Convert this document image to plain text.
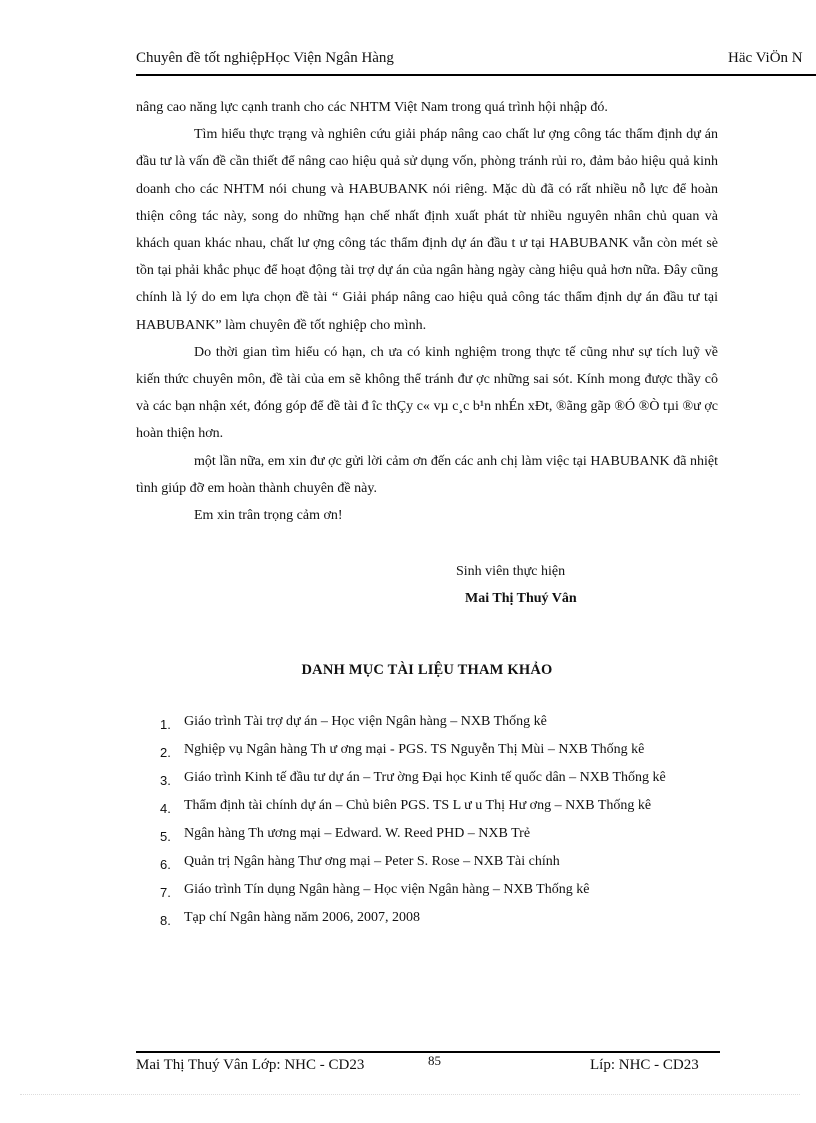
Chuyên đề tốt nghiệpHọc Viện Ngân Hàng	Häc ViÖn N

nâng cao năng lực cạnh tranh cho các NHTM Việt Nam trong quá trình hội nhập đó.

Tìm hiểu thực trạng và nghiên cứu giải pháp nâng cao chất lư ợng công tác thẩm định dự án đầu tư là vấn đề cần thiết để nâng cao hiệu quả sử dụng vốn, phòng tránh rủi ro, đảm bảo hiệu quả kinh doanh cho các NHTM nói chung và HABUBANK nói riêng. Mặc dù đã có rất nhiều nỗ lực để hoàn thiện công tác này, song do những hạn chế nhất định xuất phát từ nhiều nguyên nhân chủ quan và khách quan khác nhau, chất lư ợng công tác thẩm định dự án đầu t ư tại HABUBANK vẫn còn mét sè tồn tại phải khắc phục để hoạt động tài trợ dự án của ngân hàng ngày càng hiệu quả hơn nữa. Đây cũng chính là lý do em lựa chọn đề tài “ Giải pháp nâng cao hiệu quả công tác thẩm định dự án đầu tư tại HABUBANK” làm chuyên đề tốt nghiệp cho mình.

Do thời gian tìm hiểu có hạn, ch ưa có kinh nghiệm trong thực tế cũng như sự tích luỹ về kiến thức chuyên môn, đề tài của em sẽ không thể tránh đư ợc những sai sót. Kính mong được thầy cô và các bạn nhận xét, đóng góp để đề tài đ îc thÇy c« vµ c¸c b¹n nhÉn xÐt, ®ãng gãp ®Ó ®Ò tµi ®ư ợc hoàn thiện hơn.

một lần nữa, em xin đư ợc gửi lời cảm ơn đến các anh chị làm việc tại HABUBANK đã nhiệt tình giúp đỡ em hoàn thành chuyên đề này.

Em xin trân trọng cảm ơn!

Sinh viên thực hiện
Mai Thị Thuý Vân
DANH MỤC TÀI LIỆU THAM KHẢO
1. Giáo trình Tài trợ dự án – Học viện Ngân hàng – NXB Thống kê
2. Nghiệp vụ Ngân hàng Th ư ơng mại - PGS. TS Nguyễn Thị Mùi – NXB Thống kê
3. Giáo trình Kinh tế đầu tư dự án – Trư ờng Đại học Kinh tế quốc dân – NXB Thống kê
4. Thẩm định tài chính dự án – Chủ biên PGS. TS L ư u Thị Hư ơng – NXB Thống kê
5. Ngân hàng Th ương mại – Edward. W. Reed PHD – NXB Trẻ
6. Quản trị Ngân hàng Thư ơng mại – Peter S. Rose – NXB Tài chính
7. Giáo trình Tín dụng Ngân hàng – Học viện Ngân hàng – NXB Thống kê
8. Tạp chí Ngân hàng năm 2006, 2007, 2008
Mai Thị Thuý Vân Lớp: NHC - CD23	85	Líp: NHC - CD23
